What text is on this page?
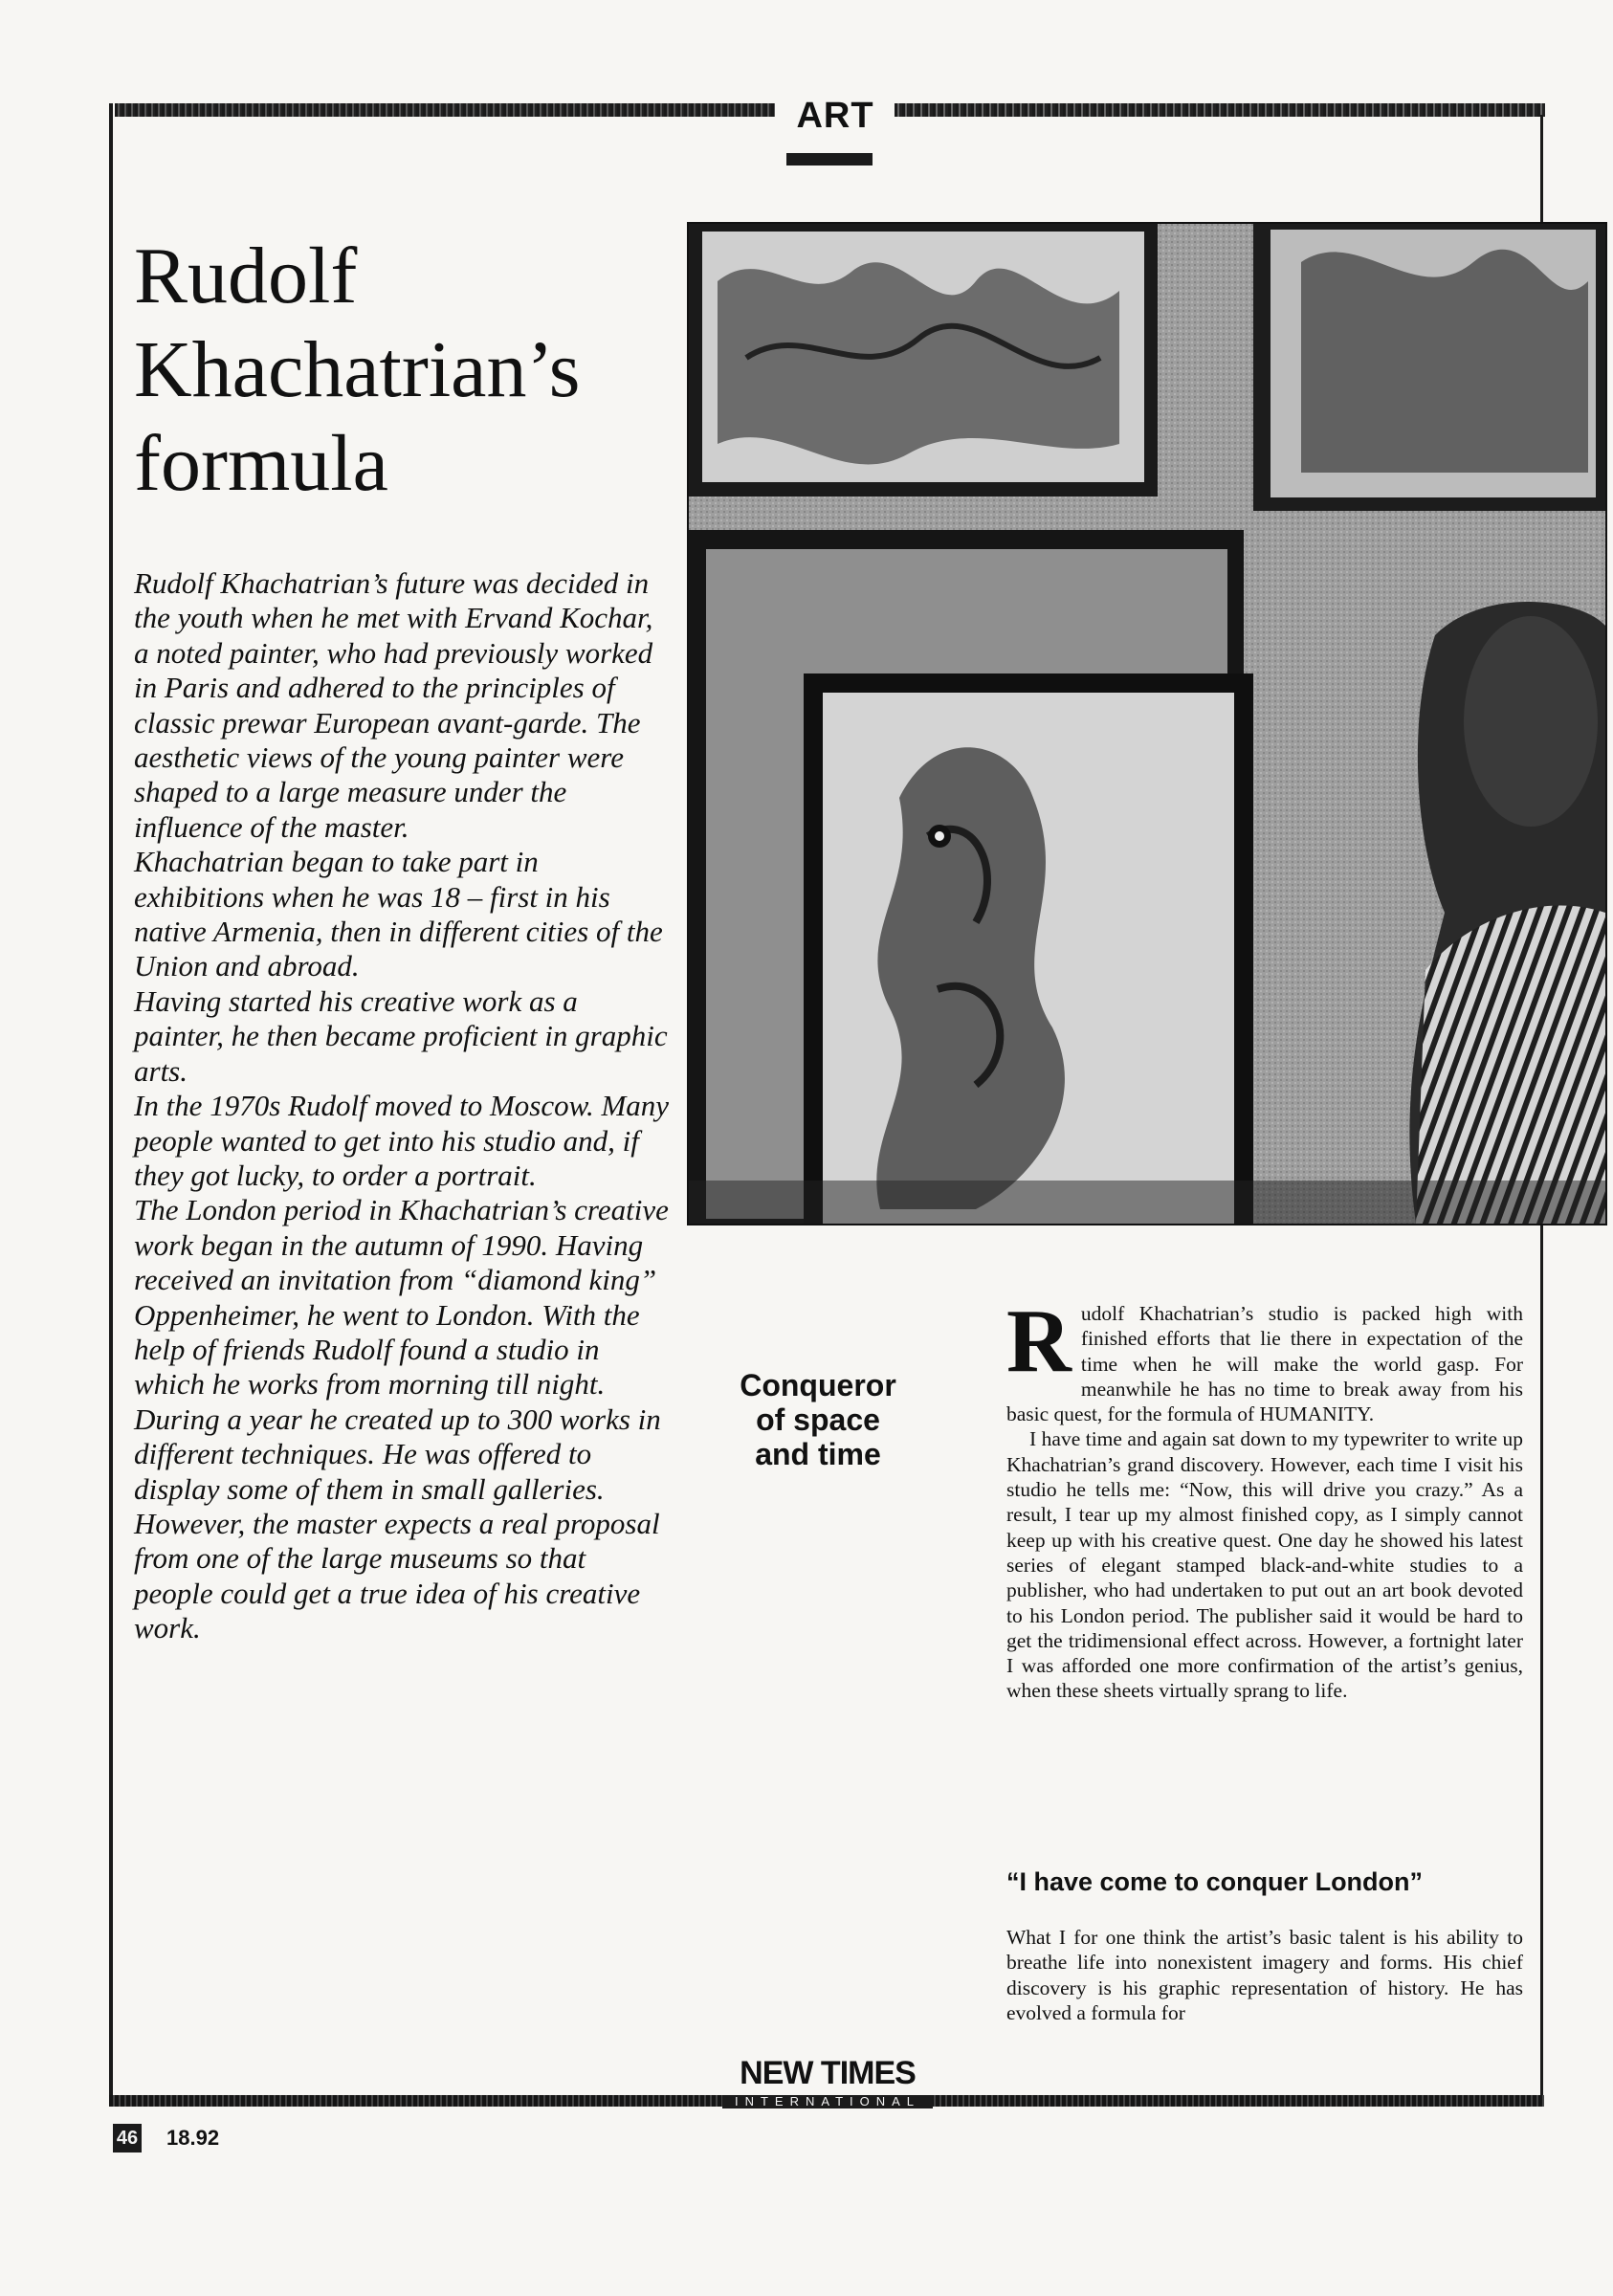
ART
Rudolf Khachatrian’s formula

Rudolf Khachatrian’s future was decided in the youth when he met with Ervand Kochar, a noted painter, who had previously worked in Paris and adhered to the principles of classic prewar European avant-garde. The aesthetic views of the young painter were shaped to a large measure under the influence of the master.
Khachatrian began to take part in exhibitions when he was 18 – first in his native Armenia, then in different cities of the Union and abroad.
Having started his creative work as a painter, he then became proficient in graphic arts.
In the 1970s Rudolf moved to Moscow. Many people wanted to get into his studio and, if they got lucky, to order a portrait.
The London period in Khachatrian’s creative work began in the autumn of 1990. Having received an invitation from “diamond king” Oppenheimer, he went to London. With the help of friends Rudolf found a studio in which he works from morning till night. During a year he created up to 300 works in different techniques. He was offered to display some of them in small galleries. However, the master expects a real proposal from one of the large museums so that people could get a true idea of his creative work.

Conqueror
of space
and time

Rudolf Khachatrian’s studio is packed high with finished efforts that lie there in expectation of the time when he will make the world gasp. For meanwhile he has no time to break away from his basic quest, for the formula of HUMANITY.

I have time and again sat down to my typewriter to write up Khachatrian’s grand discovery. However, each time I visit his studio he tells me: “Now, this will drive you crazy.” As a result, I tear up my almost finished copy, as I simply cannot keep up with his creative quest. One day he showed his latest series of elegant stamped black-and-white studies to a publisher, who had undertaken to put out an art book devoted to his London period. The publisher said it would be hard to get the tridimensional effect across. However, a fortnight later I was afforded one more confirmation of the artist’s genius, when these sheets virtually sprang to life.

“I have come to conquer London”

What I for one think the artist’s basic talent is his ability to breathe life into nonexistent imagery and forms. His chief discovery is his graphic representation of history. He has evolved a formula for

NEW TIMES
INTERNATIONAL
46 18.92
